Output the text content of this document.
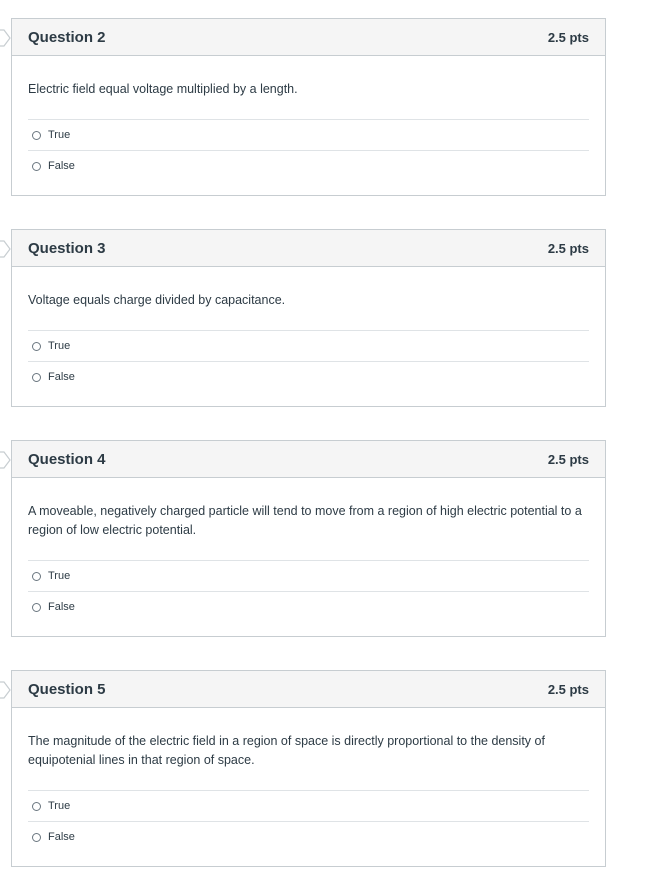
Question 2	2.5 pts

Electric field equal voltage multiplied by a length.

True
False
Question 3	2.5 pts

Voltage equals charge divided by capacitance.

True
False
Question 4	2.5 pts

A moveable, negatively charged particle will tend to move from a region of high electric potential to a region of low electric potential.

True
False
Question 5	2.5 pts

The magnitude of the electric field in a region of space is directly proportional to the density of equipotenial lines in that region of space.

True
False
